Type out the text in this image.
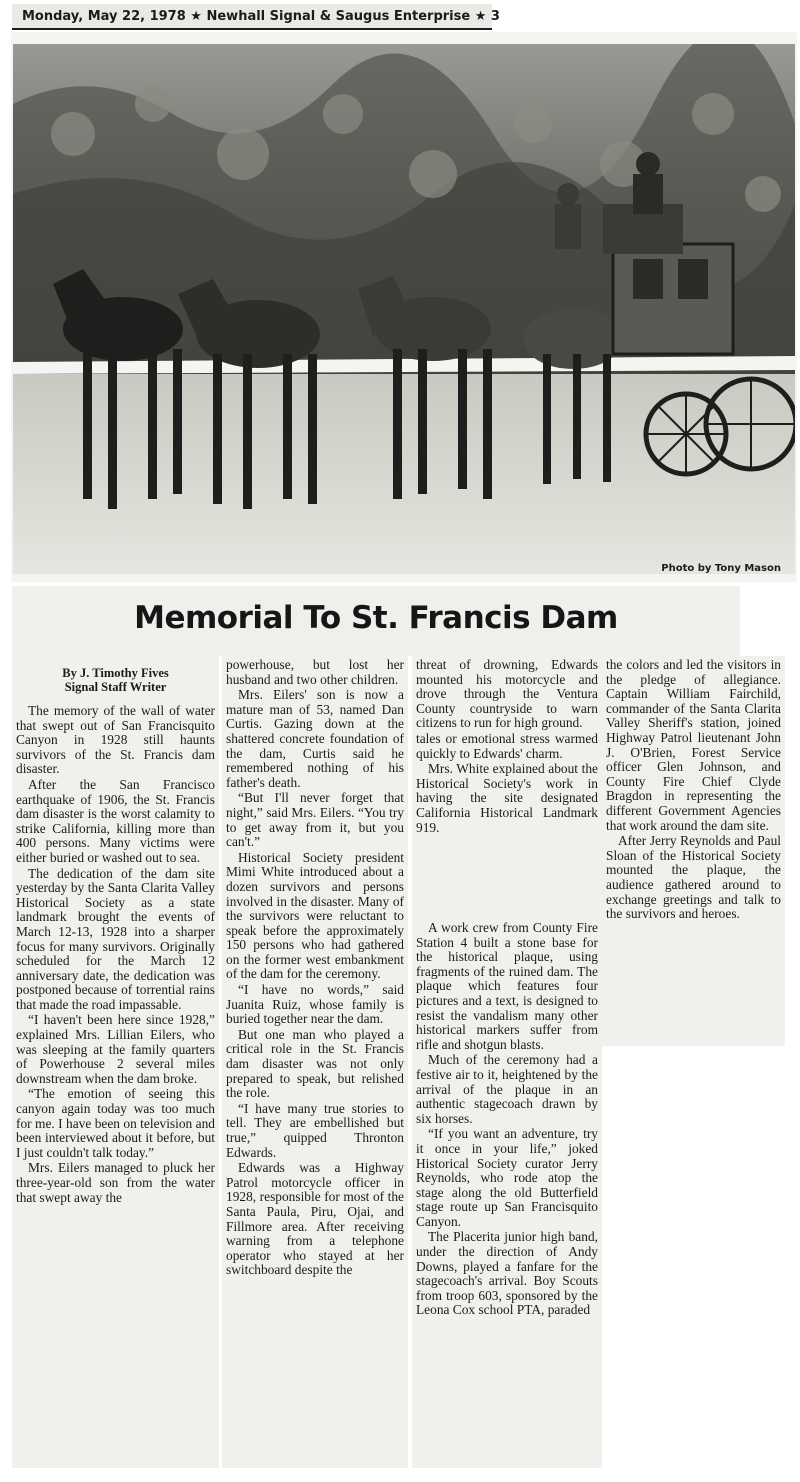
Monday, May 22, 1978 ★ Newhall Signal & Saugus Enterprise ★ 3
Photo by Tony Mason
Memorial To St. Francis Dam
By J. Timothy Fives
Signal Staff Writer

The memory of the wall of water that swept out of San Francisquito Canyon in 1928 still haunts survivors of the St. Francis dam disaster.

After the San Francisco earthquake of 1906, the St. Francis dam disaster is the worst calamity to strike California, killing more than 400 persons. Many victims were either buried or washed out to sea.

The dedication of the dam site yesterday by the Santa Clarita Valley Historical Society as a state landmark brought the events of March 12-13, 1928 into a sharper focus for many survivors. Originally scheduled for the March 12 anniversary date, the dedication was postponed because of torrential rains that made the road impassable.

“I haven't been here since 1928,” explained Mrs. Lillian Eilers, who was sleeping at the family quarters of Powerhouse 2 several miles downstream when the dam broke.

“The emotion of seeing this canyon again today was too much for me. I have been on television and been interviewed about it before, but I just couldn't talk today.”

Mrs. Eilers managed to pluck her three-year-old son from the water that swept away the

powerhouse, but lost her husband and two other children.

Mrs. Eilers' son is now a mature man of 53, named Dan Curtis. Gazing down at the shattered concrete foundation of the dam, Curtis said he remembered nothing of his father's death.

“But I'll never forget that night,” said Mrs. Eilers. “You try to get away from it, but you can't.”

Historical Society president Mimi White introduced about a dozen survivors and persons involved in the disaster. Many of the survivors were reluctant to speak before the approximately 150 persons who had gathered on the former west embankment of the dam for the ceremony.

“I have no words,” said Juanita Ruiz, whose family is buried together near the dam.

But one man who played a critical role in the St. Francis dam disaster was not only prepared to speak, but relished the role.

“I have many true stories to tell. They are embellished but true,” quipped Thronton Edwards.

Edwards was a Highway Patrol motorcycle officer in 1928, responsible for most of the Santa Paula, Piru, Ojai, and Fillmore area. After receiving warning from a telephone operator who stayed at her switchboard despite the

threat of drowning, Edwards mounted his motorcycle and drove through the Ventura County countryside to warn citizens to run for high ground.

tales or emotional stress warmed quickly to Edwards' charm.

Mrs. White explained about the Historical Society's work in having the site designated California Historical Landmark 919.

A work crew from County Fire Station 4 built a stone base for the historical plaque, using fragments of the ruined dam. The plaque which features four pictures and a text, is designed to resist the vandalism many other historical markers suffer from rifle and shotgun blasts.

Much of the ceremony had a festive air to it, heightened by the arrival of the plaque in an authentic stagecoach drawn by six horses.

“If you want an adventure, try it once in your life,” joked Historical Society curator Jerry Reynolds, who rode atop the stage along the old Butterfield stage route up San Francisquito Canyon.

The Placerita junior high band, under the direction of Andy Downs, played a fanfare for the stagecoach's arrival. Boy Scouts from troop 603, sponsored by the Leona Cox school PTA, paraded

the colors and led the visitors in the pledge of allegiance. Captain William Fairchild, commander of the Santa Clarita Valley Sheriff's station, joined Highway Patrol lieutenant John J. O'Brien, Forest Service officer Glen Johnson, and County Fire Chief Clyde Bragdon in representing the different Government Agencies that work around the dam site.

After Jerry Reynolds and Paul Sloan of the Historical Society mounted the plaque, the audience gathered around to exchange greetings and talk to the survivors and heroes.
